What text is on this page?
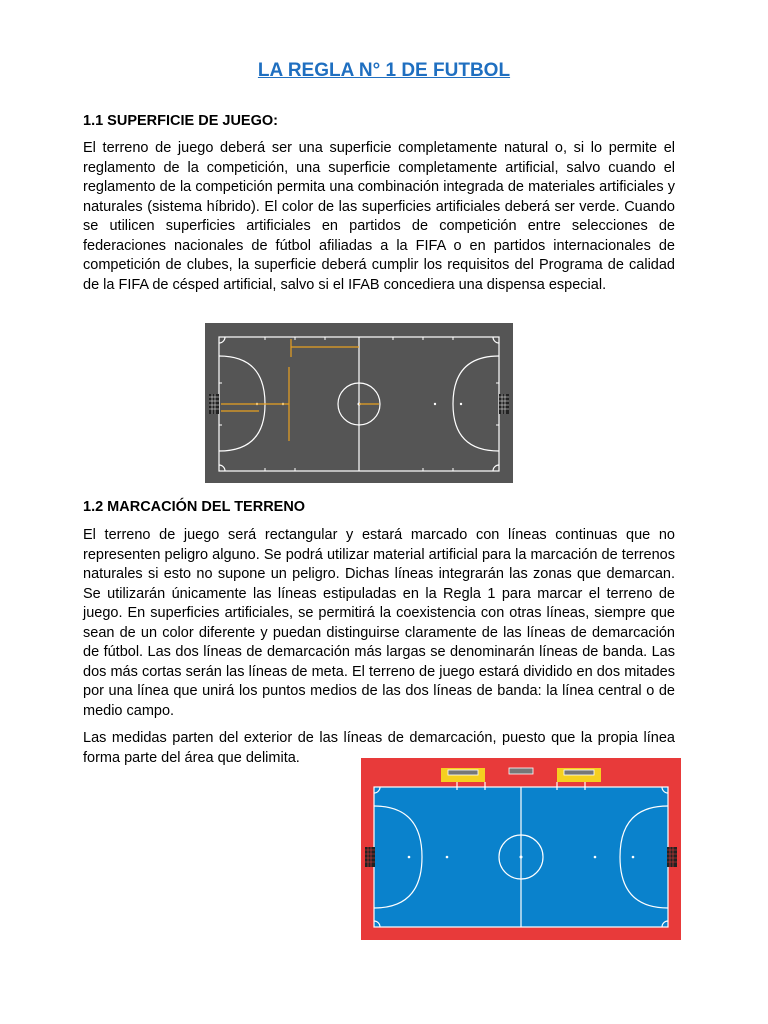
LA REGLA N° 1 DE FUTBOL
1.1 SUPERFICIE DE JUEGO:
El terreno de juego deberá ser una superficie completamente natural o, si lo permite el reglamento de la competición, una superficie completamente artificial, salvo cuando el reglamento de la competición permita una combinación integrada de materiales artificiales y naturales (sistema híbrido). El color de las superficies artificiales deberá ser verde. Cuando se utilicen superficies artificiales en partidos de competición entre selecciones de federaciones nacionales de fútbol afiliadas a la FIFA o en partidos internacionales de competición de clubes, la superficie deberá cumplir los requisitos del Programa de calidad de la FIFA de césped artificial, salvo si el IFAB concediera una dispensa especial.
1.2 MARCACIÓN DEL TERRENO
El terreno de juego será rectangular y estará marcado con líneas continuas que no representen peligro alguno. Se podrá utilizar material artificial para la marcación de terrenos naturales si esto no supone un peligro. Dichas líneas integrarán las zonas que demarcan. Se utilizarán únicamente las líneas estipuladas en la Regla 1 para marcar el terreno de juego. En superficies artificiales, se permitirá la coexistencia con otras líneas, siempre que sean de un color diferente y puedan distinguirse claramente de las líneas de demarcación de fútbol. Las dos líneas de demarcación más largas se denominarán líneas de banda. Las dos más cortas serán las líneas de meta. El terreno de juego estará dividido en dos mitades por una línea que unirá los puntos medios de las dos líneas de banda: la línea central o de medio campo.
Las medidas parten del exterior de las líneas de demarcación, puesto que la propia línea forma parte del área que delimita.
